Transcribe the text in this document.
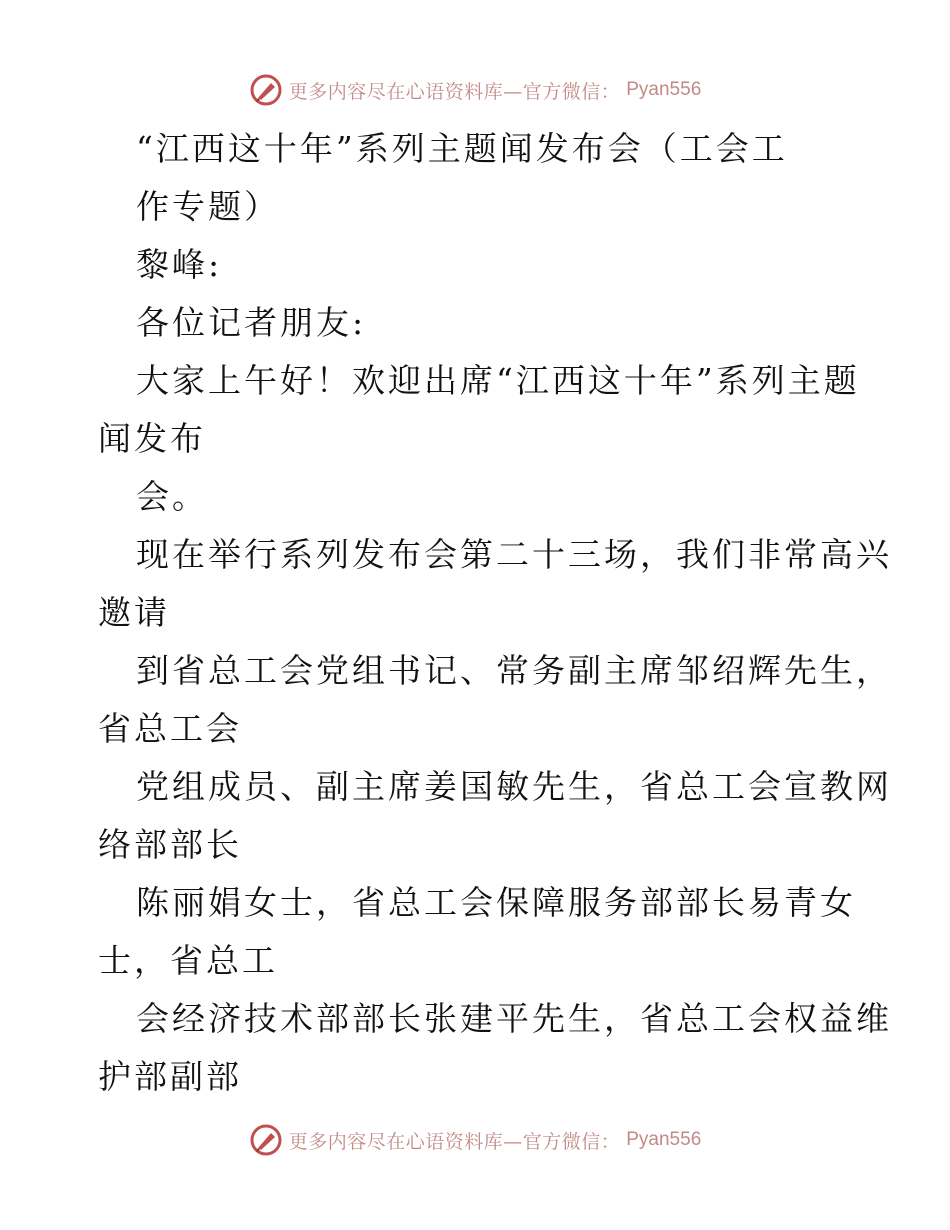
更多内容尽在心语资料库—官方微信： Pyan556

“江西这十年”系列主题闻发布会（工会工

作专题）

黎峰:

各位记者朋友:

大家上午好！欢迎出席“江西这十年”系列主题

闻发布

会。

现在举行系列发布会第二十三场，我们非常高兴

邀请

到省总工会党组书记、常务副主席邹绍辉先生，

省总工会

党组成员、副主席姜国敏先生，省总工会宣教网

络部部长

陈丽娟女士，省总工会保障服务部部长易青女

士，省总工

会经济技术部部长张建平先生，省总工会权益维

护部副部

更多内容尽在心语资料库—官方微信： Pyan556
